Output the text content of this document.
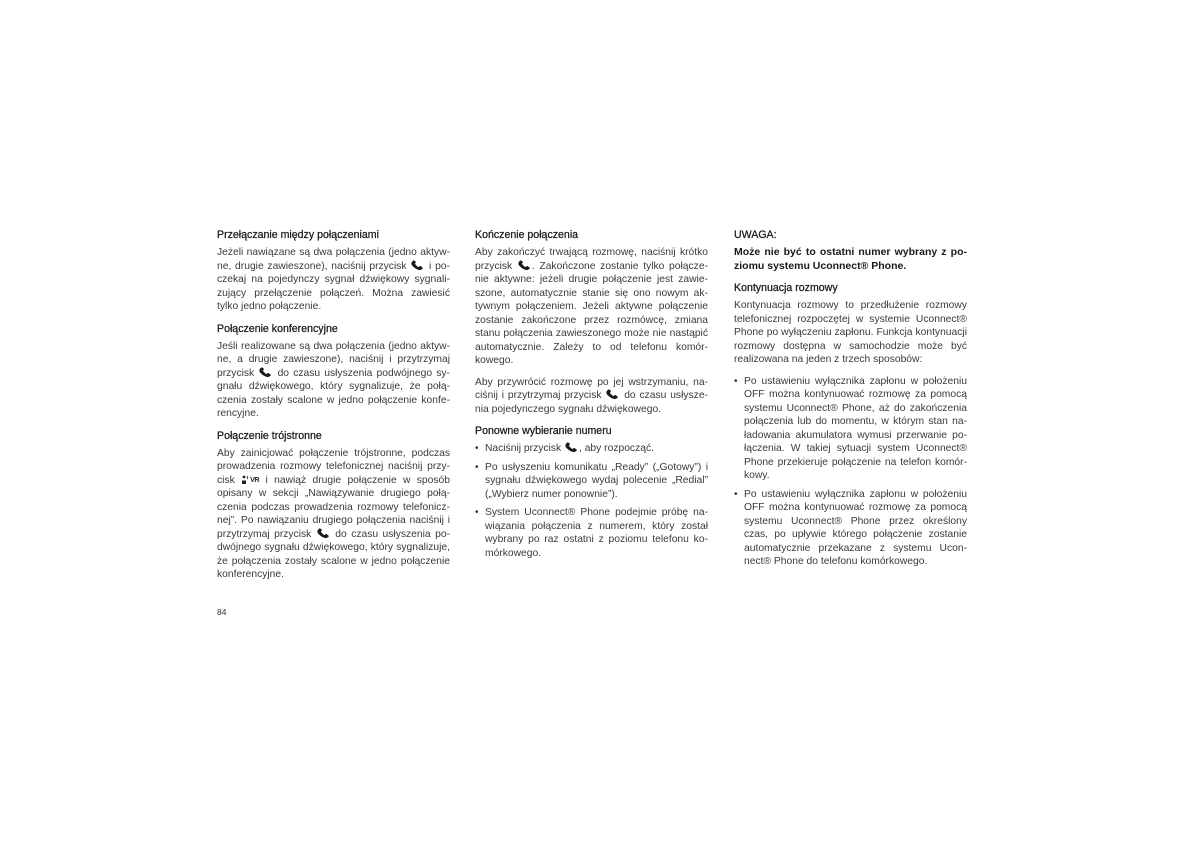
Przełączanie między połączeniami

Jeżeli nawiązane są dwa połączenia (jedno aktywne, drugie zawieszone), naciśnij przycisk i poczekaj na pojedynczy sygnał dźwiękowy sygnalizujący przełączenie połączeń. Można zawiesić tylko jedno połączenie.

Połączenie konferencyjne

Jeśli realizowane są dwa połączenia (jedno aktywne, a drugie zawieszone), naciśnij i przytrzymaj przycisk do czasu usłyszenia podwójnego sygnału dźwiękowego, który sygnalizuje, że połączenia zostały scalone w jedno połączenie konferencyjne.

Połączenie trójstronne

Aby zainicjować połączenie trójstronne, podczas prowadzenia rozmowy telefonicznej naciśnij przycisk VR i nawiąż drugie połączenie w sposób opisany w sekcji „Nawiązywanie drugiego połączenia podczas prowadzenia rozmowy telefonicznej”. Po nawiązaniu drugiego połączenia naciśnij i przytrzymaj przycisk do czasu usłyszenia podwójnego sygnału dźwiękowego, który sygnalizuje, że połączenia zostały scalone w jedno połączenie konferencyjne.

Kończenie połączenia

Aby zakończyć trwającą rozmowę, naciśnij krótko przycisk . Zakończone zostanie tylko połączenie aktywne: jeżeli drugie połączenie jest zawieszone, automatycznie stanie się ono nowym aktywnym połączeniem. Jeżeli aktywne połączenie zostanie zakończone przez rozmówcę, zmiana stanu połączenia zawieszonego może nie nastąpić automatycznie. Zależy to od telefonu komórkowego.

Aby przywrócić rozmowę po jej wstrzymaniu, naciśnij i przytrzymaj przycisk do czasu usłyszenia pojedynczego sygnału dźwiękowego.

Ponowne wybieranie numeru
• Naciśnij przycisk , aby rozpocząć.
• Po usłyszeniu komunikatu „Ready” („Gotowy”) i sygnału dźwiękowego wydaj polecenie „Redial” („Wybierz numer ponownie”).
• System Uconnect® Phone podejmie próbę nawiązania połączenia z numerem, który został wybrany po raz ostatni z poziomu telefonu komórkowego.
UWAGA:

Może nie być to ostatni numer wybrany z poziomu systemu Uconnect® Phone.

Kontynuacja rozmowy

Kontynuacja rozmowy to przedłużenie rozmowy telefonicznej rozpoczętej w systemie Uconnect® Phone po wyłączeniu zapłonu. Funkcja kontynuacji rozmowy dostępna w samochodzie może być realizowana na jeden z trzech sposobów:

• Po ustawieniu wyłącznika zapłonu w położeniu OFF można kontynuować rozmowę za pomocą systemu Uconnect® Phone, aż do zakończenia połączenia lub do momentu, w którym stan naładowania akumulatora wymusi przerwanie połączenia. W takiej sytuacji system Uconnect® Phone przekieruje połączenie na telefon komórkowy.
• Po ustawieniu wyłącznika zapłonu w położeniu OFF można kontynuować rozmowę za pomocą systemu Uconnect® Phone przez określony czas, po upływie którego połączenie zostanie automatycznie przekazane z systemu Uconnect® Phone do telefonu komórkowego.
84
